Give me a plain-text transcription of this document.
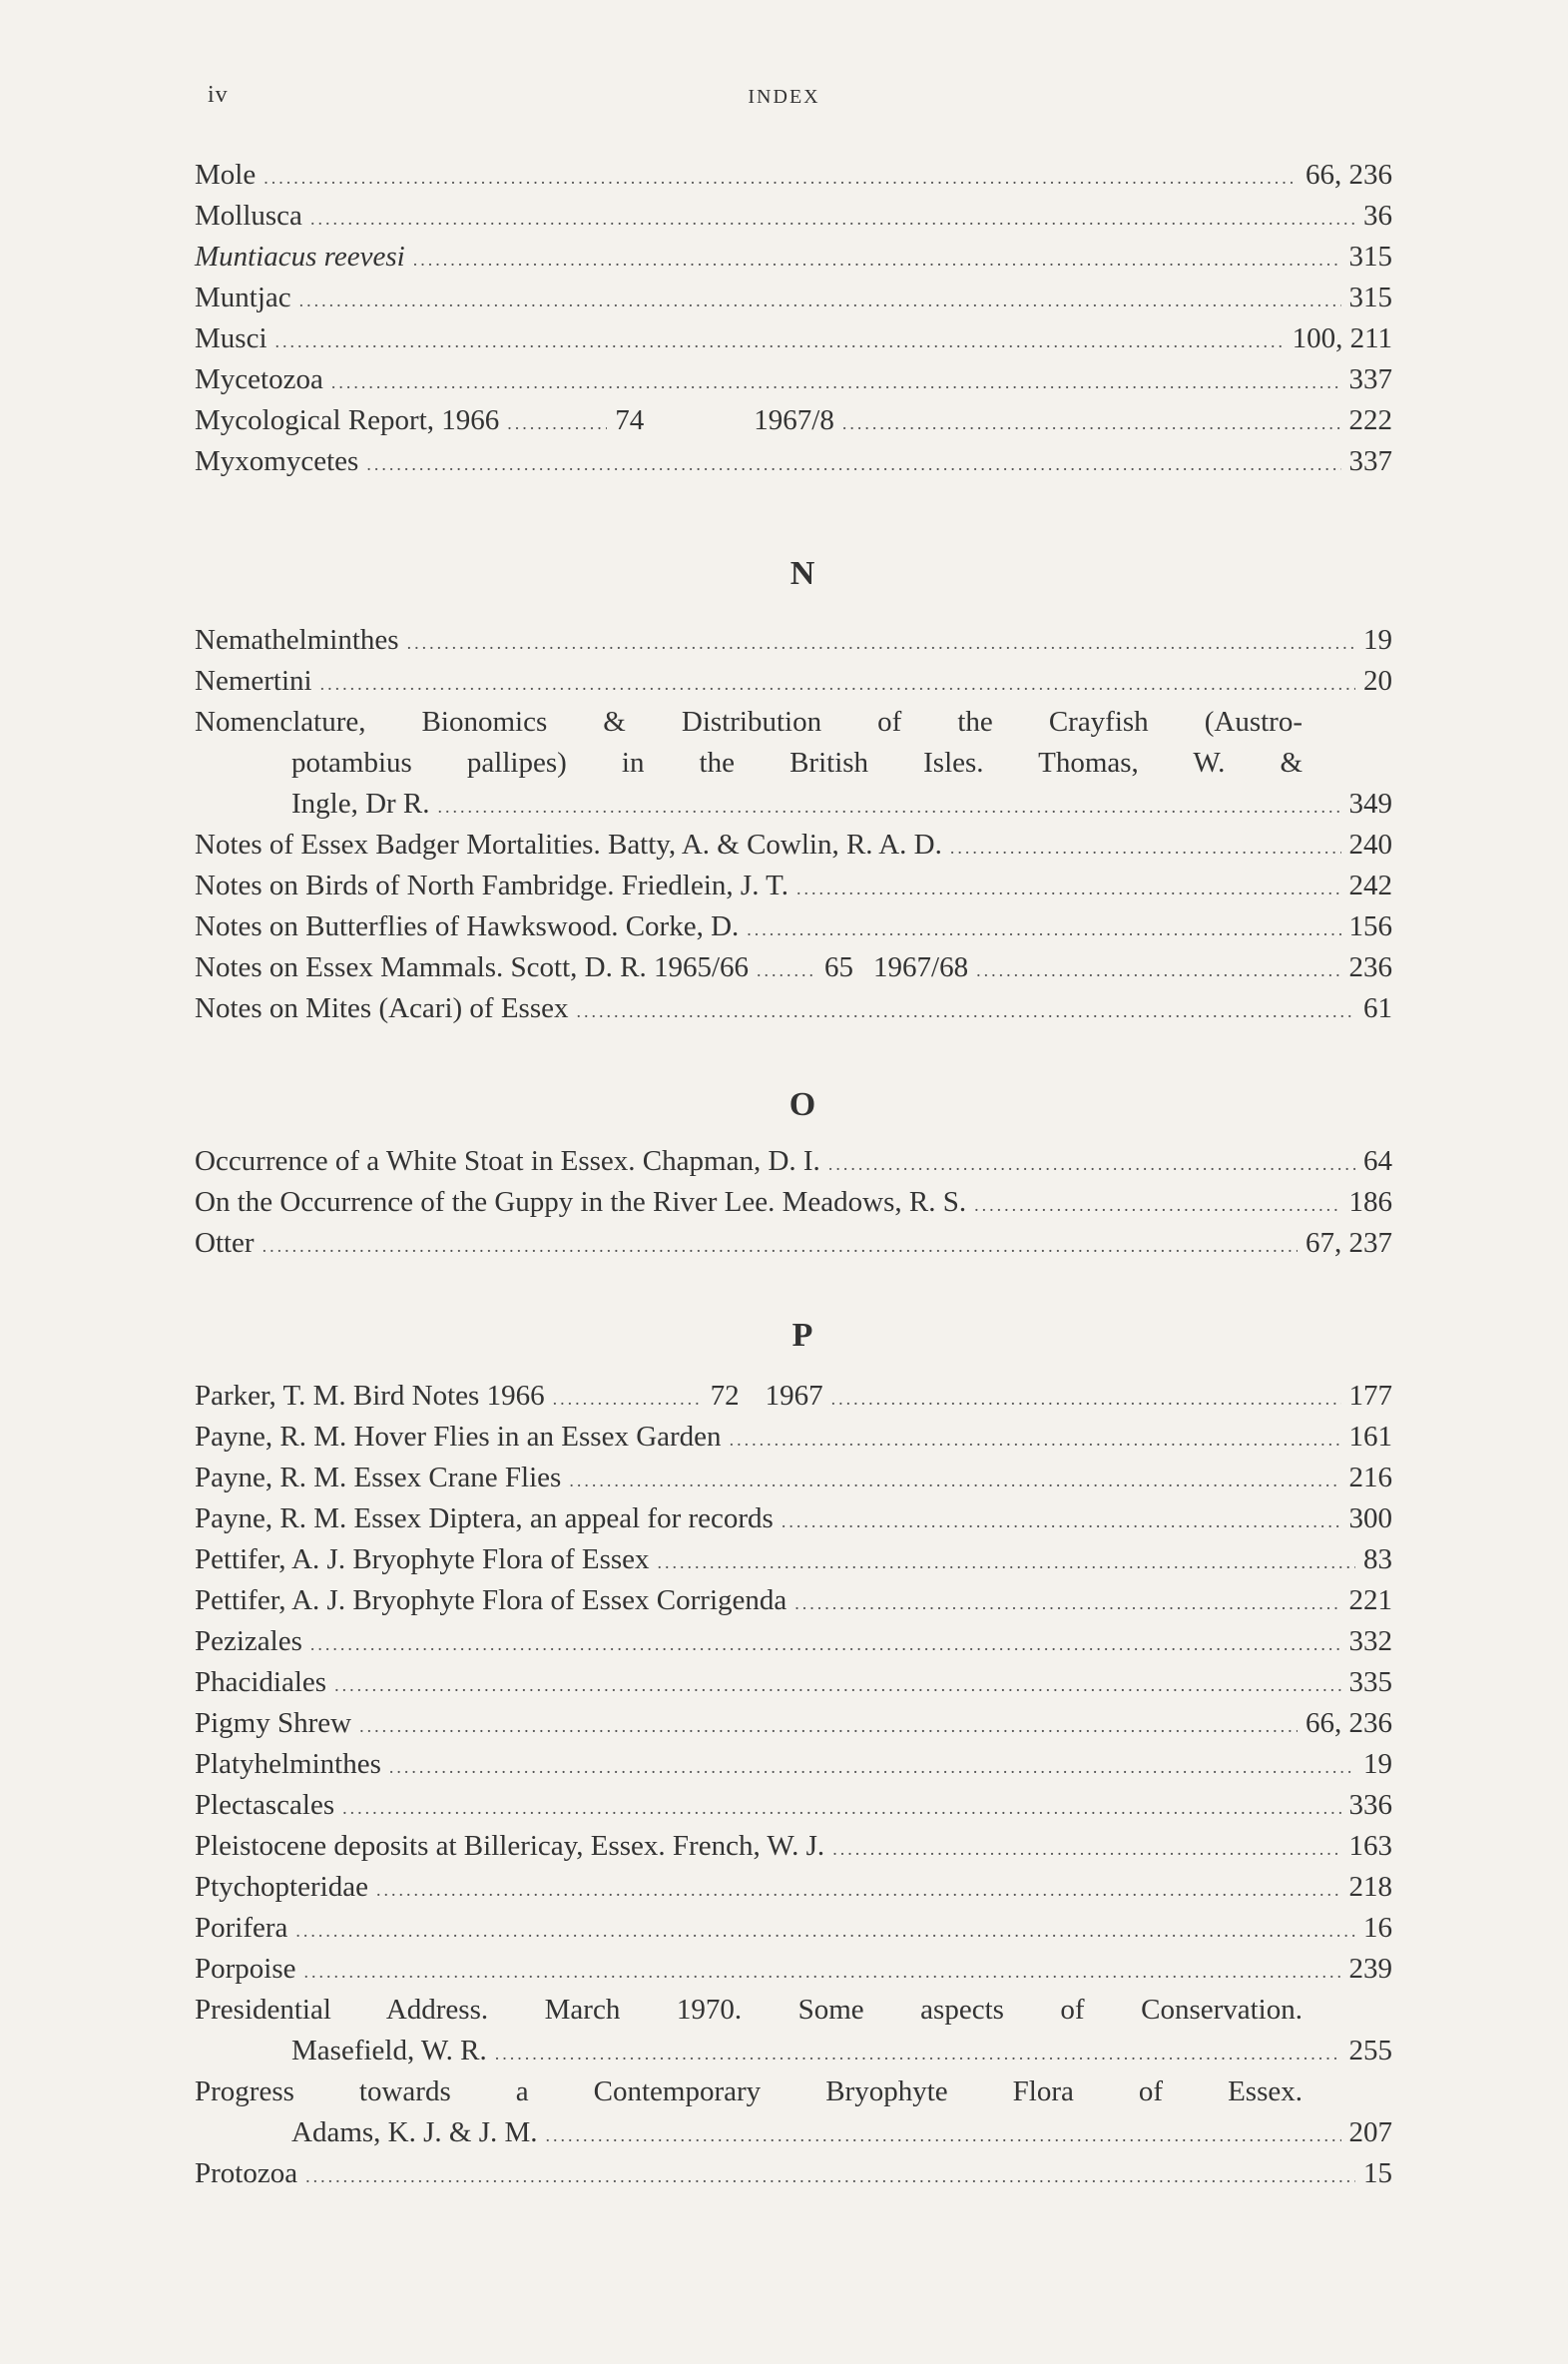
iv	INDEX
Mole .....	66, 236
Mollusca .....	36
Muntiacus reevesi .....	315
Muntjac .....	315
Musci .....	100, 211
Mycetozoa .....	337
Mycological Report, 1966 .....	74	1967/8 .....	222
Myxomycetes .....	337
N
Nemathelminthes .....	19
Nemertini .....	20
Nomenclature, Bionomics & Distribution of the Crayfish (Austro-
potambius pallipes) in the British Isles. Thomas, W. &
Ingle, Dr R. .....	349
Notes of Essex Badger Mortalities. Batty, A. & Cowlin, R. A. D. .....	240
Notes on Birds of North Fambridge. Friedlein, J. T. .....	242
Notes on Butterflies of Hawkswood. Corke, D. .....	156
Notes on Essex Mammals. Scott, D. R. 1965/66 .....	65 1967/68 .....	236
Notes on Mites (Acari) of Essex .....	61
O
Occurrence of a White Stoat in Essex. Chapman, D. I. .....	64
On the Occurrence of the Guppy in the River Lee. Meadows, R. S. .....	186
Otter .....	67, 237
P
Parker, T. M. Bird Notes 1966 .....	72 1967 .....	177
Payne, R. M. Hover Flies in an Essex Garden .....	161
Payne, R. M. Essex Crane Flies .....	216
Payne, R. M. Essex Diptera, an appeal for records .....	300
Pettifer, A. J. Bryophyte Flora of Essex .....	83
Pettifer, A. J. Bryophyte Flora of Essex Corrigenda .....	221
Pezizales .....	332
Phacidiales .....	335
Pigmy Shrew .....	66, 236
Platyhelminthes .....	19
Plectascales .....	336
Pleistocene deposits at Billericay, Essex. French, W. J. .....	163
Ptychopteridae .....	218
Porifera .....	16
Porpoise .....	239
Presidential Address. March 1970. Some aspects of Conservation.
Masefield, W. R. .....	255
Progress towards a Contemporary Bryophyte Flora of Essex.
Adams, K. J. & J. M. .....	207
Protozoa .....	15
